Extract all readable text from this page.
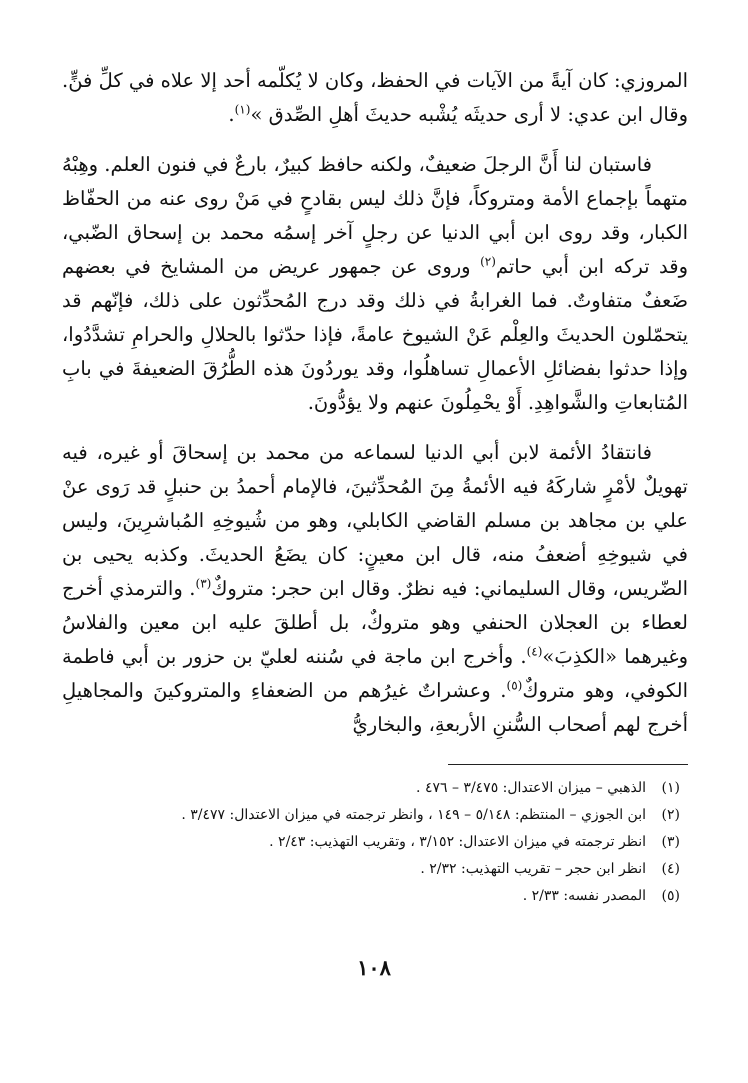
المروزي: كان آيةً من الآيات في الحفظ، وكان لا يُكلّمه أحد إلا علاه في كلِّ فنٍّ. وقال ابن عدي: لا أرى حديثَه يُشْبه حديثَ أهلِ الصِّدق »$^{(١)}$.

فاستبان لنا أَنَّ الرجلَ ضعيفٌ، ولكنه حافظ كبيرٌ، بارعٌ في فنون العلم. وهِبْهُ متهماً بإجماع الأمة ومتروكاً، فإنَّ ذلك ليس بقادحٍ في مَنْ روى عنه من الحفّاظ الكبار، وقد روى ابن أبي الدنيا عن رجلٍ آخر إسمُه محمد بن إسحاق الضّبي، وقد تركه ابن أبي حاتم$^{(٢)}$ وروى عن جمهور عريض من المشايخ في بعضهم ضَعفٌ متفاوتٌ. فما الغرابةُ في ذلك وقد درج المُحدِّثون على ذلك، فإنّهم قد يتحمّلون الحديثَ والعِلْم عَنْ الشيوخ عامةً، فإذا حدّثوا بالحلالِ والحرامِ تشدَّدُوا، وإذا حدثوا بفضائلِ الأعمالِ تساهلُوا، وقد يوردُونَ هذه الطُّرُقَ الضعيفةَ في بابِ المُتابعاتِ والشَّواهِدِ. أَوْ يحْمِلُونَ عنهم ولا يؤدُّونَ.

فانتقادُ الأئمة لابن أبي الدنيا لسماعه من محمد بن إسحاقَ أو غيره، فيه تهويلٌ لأمْرٍ شاركَهُ فيه الأئمةُ مِنَ المُحدِّثينَ، فالإمام أحمدُ بن حنبلٍ قد رَوى عنْ علي بن مجاهد بن مسلم القاضي الكابلي، وهو من شُيوخِهِ المُباشرِينَ، وليس في شيوخِهِ أضعفُ منه، قال ابن معينٍ: كان يضَعُ الحديثَ. وكذبه يحيى بن الضّريس، وقال السليماني: فيه نظرٌ. وقال ابن حجر: متروكٌ$^{(٣)}$. والترمذي أخرج لعطاء بن العجلان الحنفي وهو متروكٌ، بل أطلقَ عليه ابن معين والفلاسُ وغيرهما «الكذِبَ»$^{(٤)}$. وأخرج ابن ماجة في سُننه لعليّ بن حزور بن أبي فاطمة الكوفي، وهو متروكٌ$^{(٥)}$. وعشراتٌ غيرُهم من الضعفاءِ والمتروكينَ والمجاهيلِ أخرج لهم أصحاب السُّننِ الأربعةِ، والبخاريُّ

(١)الذهبي – ميزان الاعتدال: ٣/٤٧٥ – ٤٧٦ .
(٢)ابن الجوزي – المنتظم: ٥/١٤٨ – ١٤٩ ، وانظر ترجمته في ميزان الاعتدال: ٣/٤٧٧ .
(٣)انظر ترجمته في ميزان الاعتدال: ٣/١٥٢ ، وتقريب التهذيب: ٢/٤٣ .
(٤)انظر ابن حجر – تقريب التهذيب: ٢/٣٢ .
(٥)المصدر نفسه: ٢/٣٣ .
١٠٨
